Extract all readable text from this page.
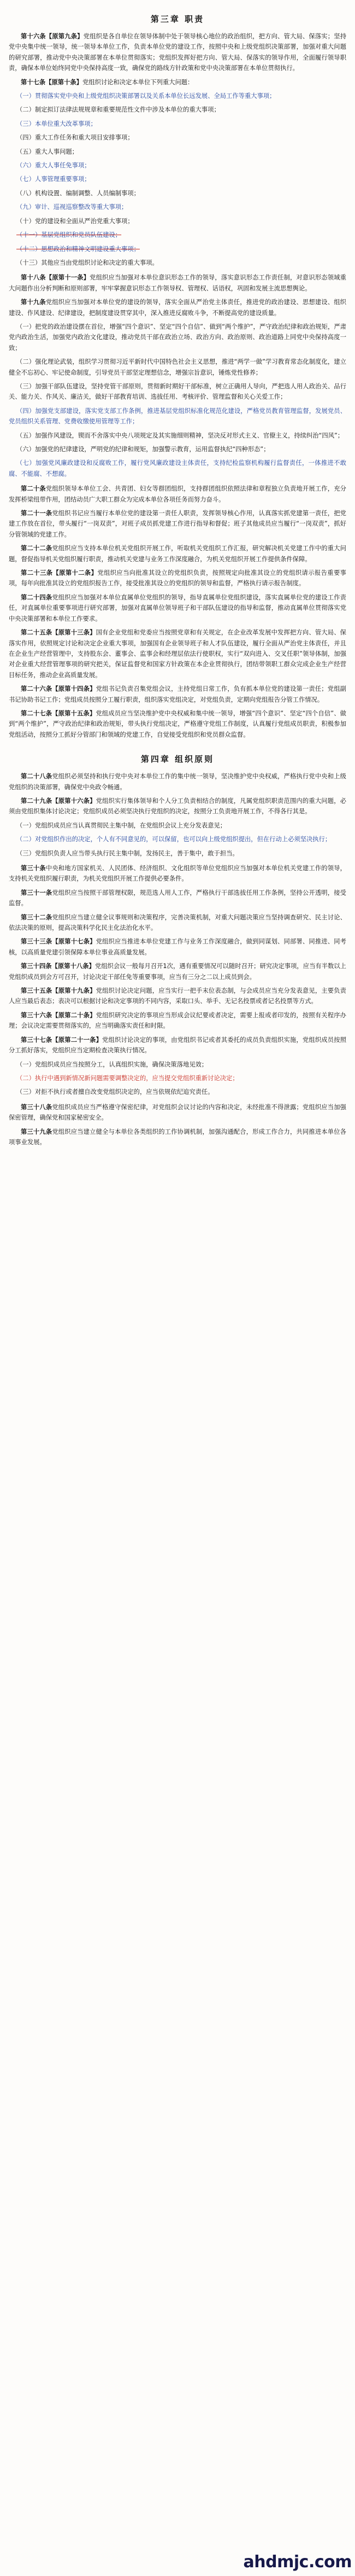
第三章 职责

第十六条【原第九条】党组织是各自单位在领导体制中处于领导核心地位的政治组织，把方向、管大局、保落实；坚持党中央集中统一领导，统一领导本单位工作，负责本单位党的建设工作，按照中央和上级党组织决策部署，加强对重大问题的研究部署，推动党中央决策部署在本单位贯彻落实；党组织发挥好把方向、管大局、保落实的领导作用，全面履行领导职责，确保本单位始终同党中央保持高度一致，确保党的路线方针政策和党中央决策部署在本单位贯彻执行。

第十七条【原第十条】党组织讨论和决定本单位下列重大问题：

（一）贯彻落实党中央和上级党组织决策部署以及关系本单位长远发展、全局工作等重大事项；

（二）制定拟订法律法规规章和重要规范性文件中涉及本单位的重大事项；

（三）本单位重大改革事项；

（四）重大工作任务和重大项目安排事项；

（五）重大人事问题；

（六）重大人事任免事项；

（七）人事管理重要事项；

（八）机构设置、编制调整、人员编制事项；

（九）审计、巡视巡察整改等重大事项；

（十）党的建设和全面从严治党重大事项；

（十一）基层党组织和党员队伍建设；

（十二）思想政治和精神文明建设重大事项；

（十三）其他应当由党组织讨论和决定的重大事项。

第十八条【原第十一条】党组织应当加强对本单位意识形态工作的领导，落实意识形态工作责任制，对意识形态领域重大问题作出分析判断和原则部署，牢牢掌握意识形态工作领导权、管理权、话语权，巩固和发展主流思想舆论。

第十九条党组织应当加强对本单位党的建设的领导，落实全面从严治党主体责任，推进党的政治建设、思想建设、组织建设、作风建设、纪律建设，把制度建设贯穿其中，深入推进反腐败斗争，不断提高党的建设质量。

（一）把党的政治建设摆在首位，增强“四个意识”、坚定“四个自信”、做到“两个维护”，严守政治纪律和政治规矩，严肃党内政治生活，加强党内政治文化建设，推动党员干部在政治立场、政治方向、政治原则、政治道路上同党中央保持高度一致；

（二）强化理论武装，组织学习贯彻习近平新时代中国特色社会主义思想，推进“两学一做”学习教育常态化制度化，建立健全不忘初心、牢记使命制度，引导党员干部坚定理想信念，增强宗旨意识，锤炼党性修养；

（三）加强干部队伍建设，坚持党管干部原则，贯彻新时期好干部标准，树立正确用人导向，严把选人用人政治关、品行关、能力关、作风关、廉洁关，做好干部教育培训、选拔任用、考核评价、管理监督和关心关爱工作；

（四）加强党支部建设，落实党支部工作条例，推进基层党组织标准化规范化建设，严格党员教育管理监督，发展党员、党员组织关系管理、党费收缴使用管理等工作；

（五）加强作风建设，锲而不舍落实中央八项规定及其实施细则精神，坚决反对形式主义、官僚主义，持续纠治“四风”；

（六）加强党的纪律建设，严明党的纪律和规矩，加强警示教育，运用监督执纪“四种形态”；

（七）加强党风廉政建设和反腐败工作，履行党风廉政建设主体责任，支持纪检监察机构履行监督责任，一体推进不敢腐、不能腐、不想腐。

第二十条党组织领导本单位工会、共青团、妇女等群团组织，支持群团组织依照法律和章程独立负责地开展工作，充分发挥桥梁纽带作用，团结动员广大职工群众为完成本单位各项任务而努力奋斗。

第二十一条党组织书记应当履行本单位党的建设第一责任人职责，发挥领导核心作用，认真落实抓党建第一责任，把党建工作放在首位，带头履行“一岗双责”，对班子成员抓党建工作进行指导和督促；班子其他成员应当履行“一岗双责”，抓好分管领域的党建工作。

第二十二条党组织应当支持本单位机关党组织开展工作，听取机关党组织工作汇报，研究解决机关党建工作中的重大问题，督促指导机关党组织履行职责，推动机关党建与业务工作深度融合，为机关党组织开展工作提供条件保障。

第二十三条【原第十二条】党组织应当向批准其设立的党组织负责，按照规定向批准其设立的党组织请示报告重要事项，每年向批准其设立的党组织报告工作，接受批准其设立的党组织的领导和监督，严格执行请示报告制度。

第二十四条党组织应当加强对本单位直属单位党组织的领导，指导直属单位党组织建设，落实直属单位党的建设工作责任，对直属单位重要事项进行研究部署，加强对直属单位领导班子和干部队伍建设的指导和监督，推动直属单位贯彻落实党中央决策部署和本单位工作要求。

第二十五条【原第十三条】国有企业党组和党委应当按照党章和有关规定，在企业改革发展中发挥把方向、管大局、保落实作用，依照规定讨论和决定企业重大事项，加强国有企业领导班子和人才队伍建设，履行全面从严治党主体责任，并且在企业生产经营管理中，支持股东会、董事会、监事会和经理层依法行使职权，实行“双向进入、交叉任职”领导体制，加强对企业重大经营管理事项的研究把关，保证监督党和国家方针政策在本企业贯彻执行，团结带领职工群众完成企业生产经营目标任务，推动企业高质量发展。

第二十六条【原第十四条】党组书记负责召集党组会议，主持党组日常工作，负有抓本单位党的建设第一责任；党组副书记协助书记工作；党组成员按照分工履行职责，组织落实党组决定，对党组负责，定期向党组报告分管工作情况。

第二十七条【原第十五条】党组成员应当坚决维护党中央权威和集中统一领导，增强“四个意识”、坚定“四个自信”、做到“两个维护”，严守政治纪律和政治规矩，带头执行党组决定，严格遵守党组工作制度，认真履行党组成员职责，积极参加党组活动，按照分工抓好分管部门和领域的党建工作，自觉接受党组织和党员群众监督。

第四章 组织原则

第二十八条党组织必须坚持和执行党中央对本单位工作的集中统一领导，坚决维护党中央权威，严格执行党中央和上级党组织的决策部署，确保党中央政令畅通。

第二十九条【原第十六条】党组织实行集体领导和个人分工负责相结合的制度，凡属党组织职责范围内的重大问题，必须由党组织集体讨论决定；党组织成员必须坚决执行党组织的决定，按照分工负责地开展工作，不得各行其是。

（一）党组织成员应当认真贯彻民主集中制，在党组织会议上充分发表意见；

（二）对党组织作出的决定，个人有不同意见的，可以保留，也可以向上级党组织提出，但在行动上必须坚决执行；

（三）党组织负责人应当带头执行民主集中制，发扬民主，善于集中，敢于担当。

第三十条中央和地方国家机关、人民团体、经济组织、文化组织等单位党组织应当加强对本单位机关党建工作的领导，支持机关党组织履行职责，为机关党组织开展工作提供必要条件。

第三十一条党组织应当按照干部管理权限，规范选人用人工作，严格执行干部选拔任用工作条例，坚持公开透明，接受监督。

第三十二条党组织应当建立健全议事规则和决策程序，完善决策机制，对重大问题决策应当坚持调查研究、民主讨论、依法决策的原则，提高决策科学化民主化法治化水平。

第三十三条【原第十七条】党组织应当推进本单位党建工作与业务工作深度融合，做到同谋划、同部署、同推进、同考核，以高质量党建引领保障本单位事业高质量发展。

第三十四条【原第十八条】党组织会议一般每月召开1次，遇有重要情况可以随时召开；研究决定事项，应当有半数以上党组织成员到会方可召开，讨论决定干部任免等重要事项，应当有三分之二以上成员到会。

第三十五条【原第十九条】党组织讨论决定问题，应当实行一把手末位表态制，与会成员应当充分发表意见，主要负责人应当最后表态；表决可以根据讨论和决定事项的不同内容，采取口头、举手、无记名投票或者记名投票等方式。

第三十六条【原第二十条】党组织研究决定的事项应当形成会议纪要或者决定，需要上报或者印发的，按照有关程序办理；会议决定需要贯彻落实的，应当明确落实责任和时限。

第三十七条【原第二十一条】党组织讨论决定的事项，由党组织书记或者其委托的成员负责组织实施，党组织成员按照分工抓好落实，党组织应当定期检查决策执行情况。

（一）党组织成员应当按照分工，认真组织实施，确保决策落地见效；

（二）执行中遇到新情况新问题需要调整决定的，应当提交党组织重新讨论决定；

（三）对拒不执行或者擅自改变党组织决定的，应当依规依纪追究责任。

第三十八条党组织成员应当严格遵守保密纪律，对党组织会议讨论的内容和决定，未经批准不得泄露；党组织应当加强保密管理，确保党和国家秘密安全。

第三十九条党组织应当建立健全与本单位各类组织的工作协调机制，加强沟通配合，形成工作合力，共同推进本单位各项事业发展。

ahdmjc.com
